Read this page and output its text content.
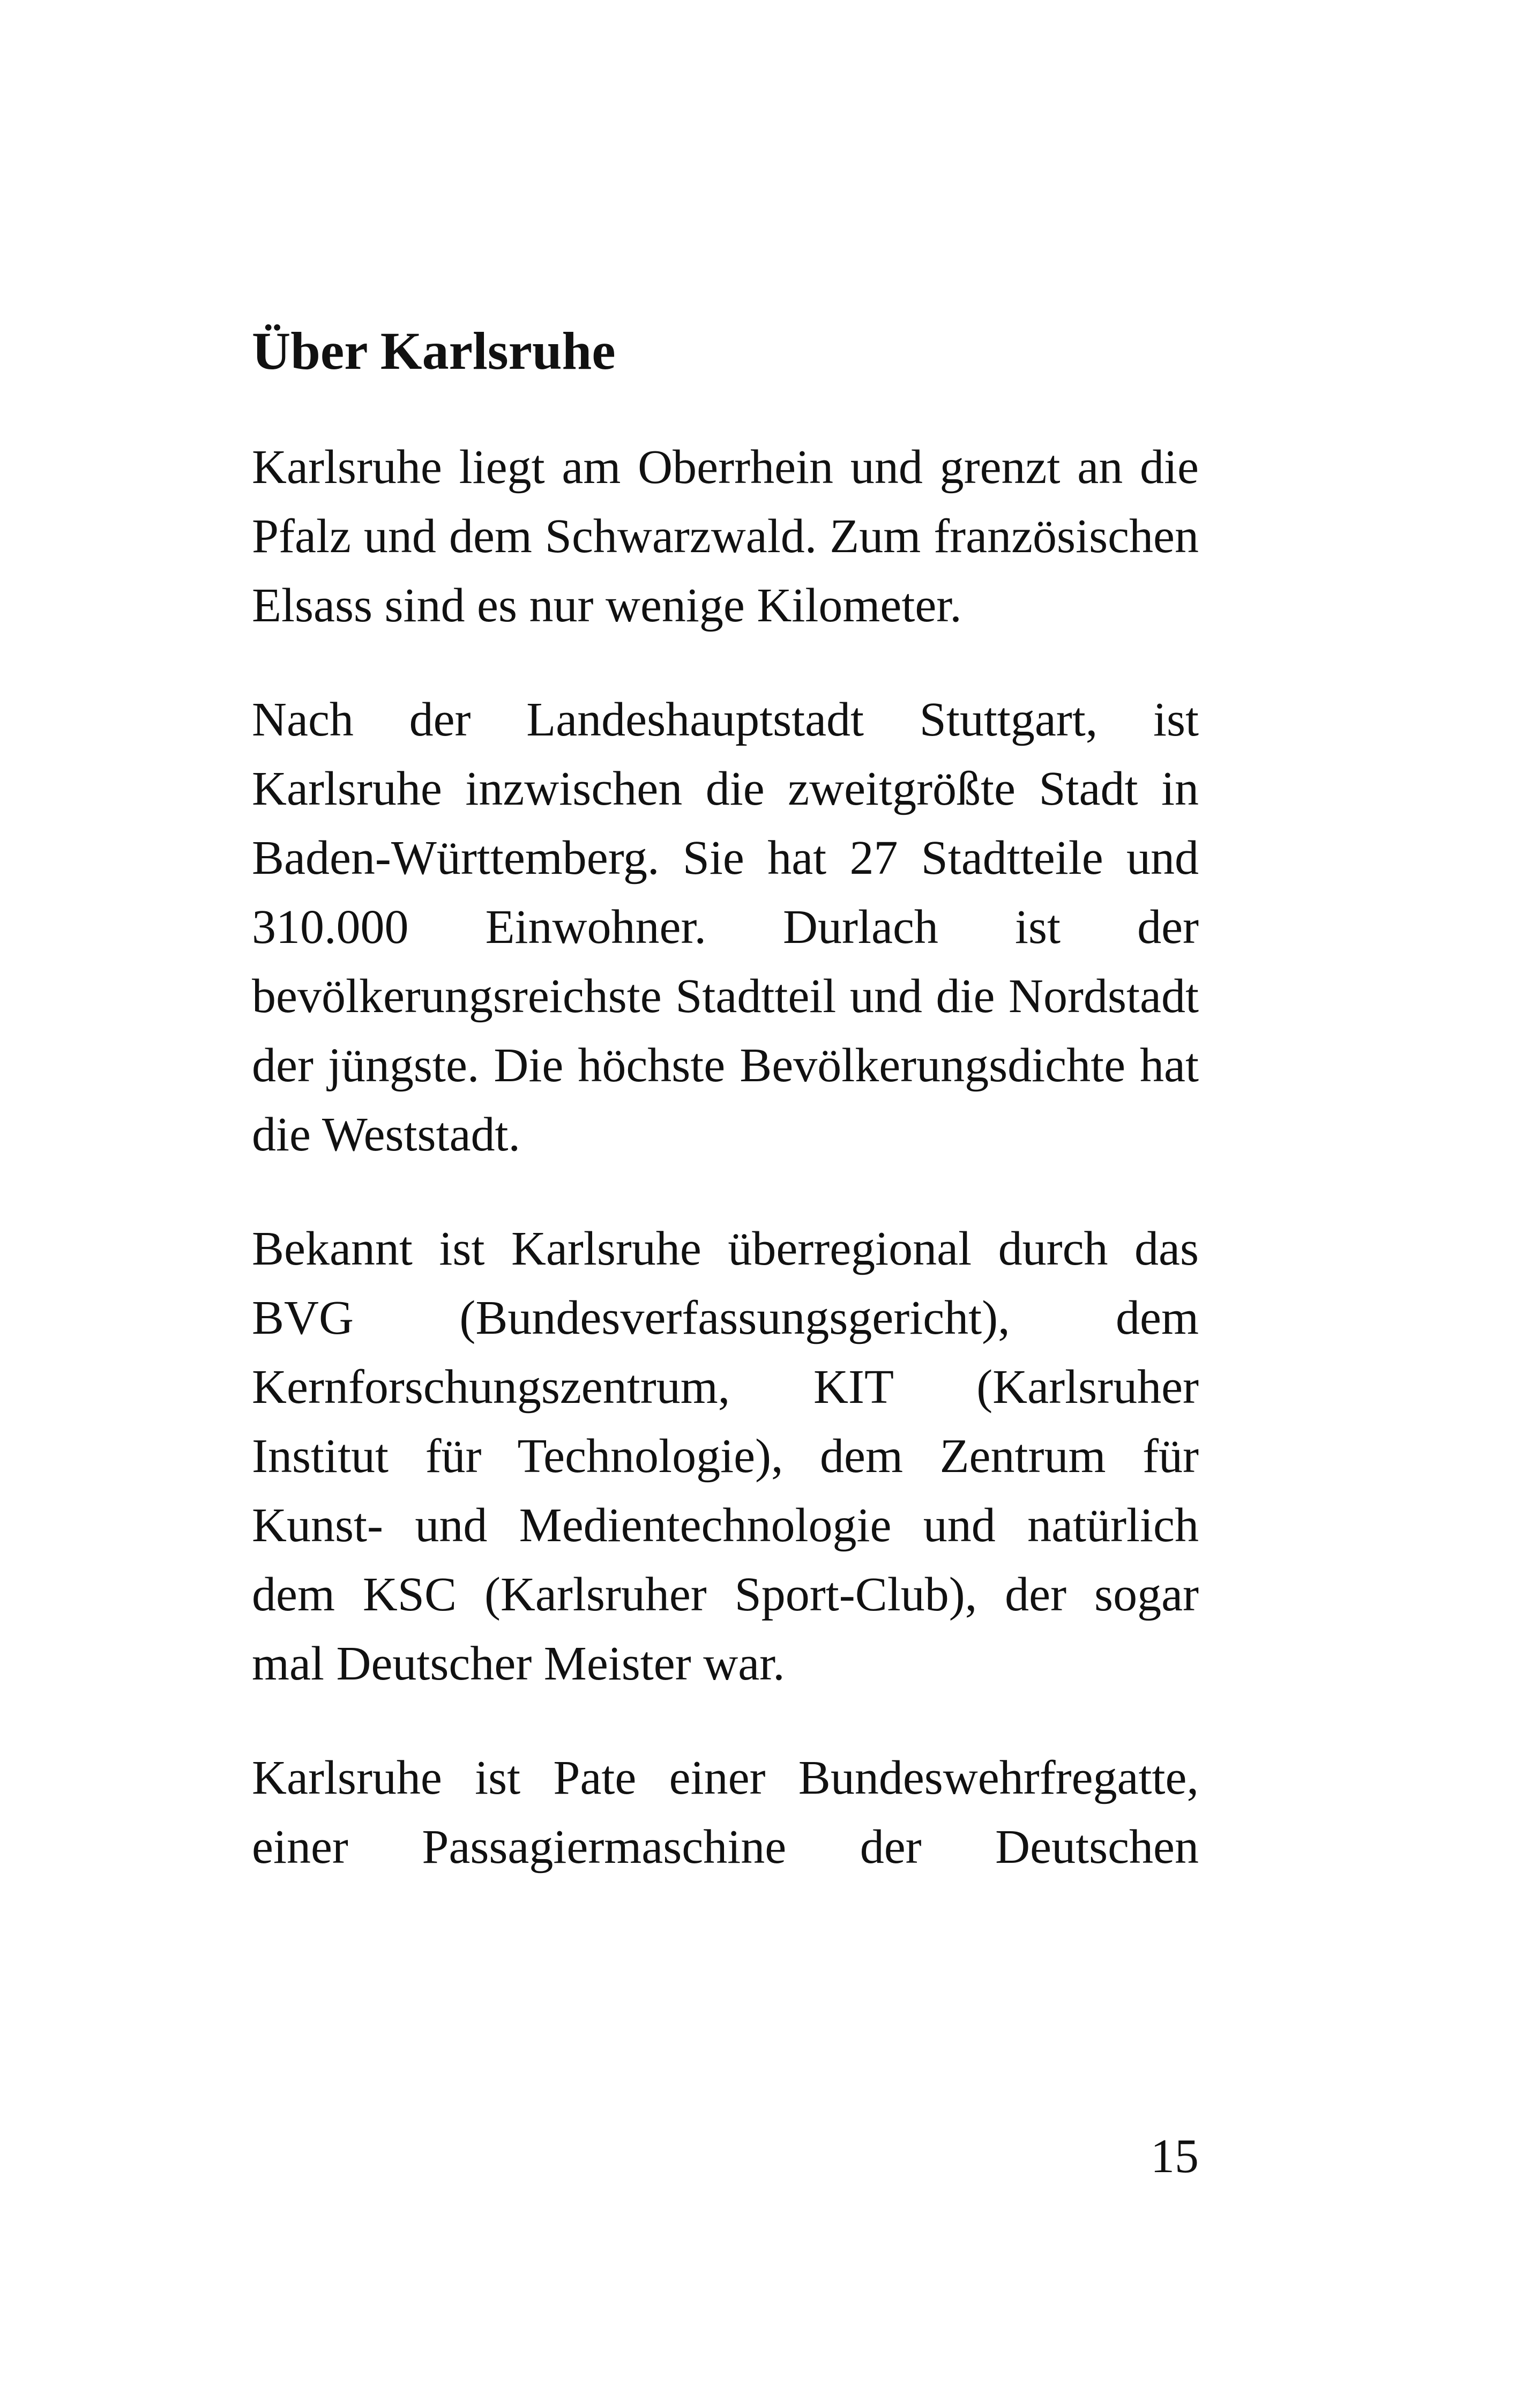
Über Karlsruhe

Karlsruhe liegt am Oberrhein und grenzt an die Pfalz und dem Schwarzwald. Zum französischen Elsass sind es nur wenige Kilometer.

Nach der Landeshauptstadt Stuttgart, ist Karlsruhe inzwischen die zweitgrößte Stadt in Baden-Württemberg. Sie hat 27 Stadtteile und 310.000 Einwohner. Durlach ist der bevölkerungsreichste Stadtteil und die Nordstadt der jüngste. Die höchste Bevölkerungsdichte hat die Weststadt.

Bekannt ist Karlsruhe überregional durch das BVG (Bundesverfassungsgericht), dem Kernforschungszentrum, KIT (Karlsruher Institut für Technologie), dem Zentrum für Kunst- und Medientechnologie und natürlich dem KSC (Karlsruher Sport-Club), der sogar mal Deutscher Meister war.

Karlsruhe ist Pate einer Bundeswehrfregatte, einer Passagiermaschine der Deutschen

15
